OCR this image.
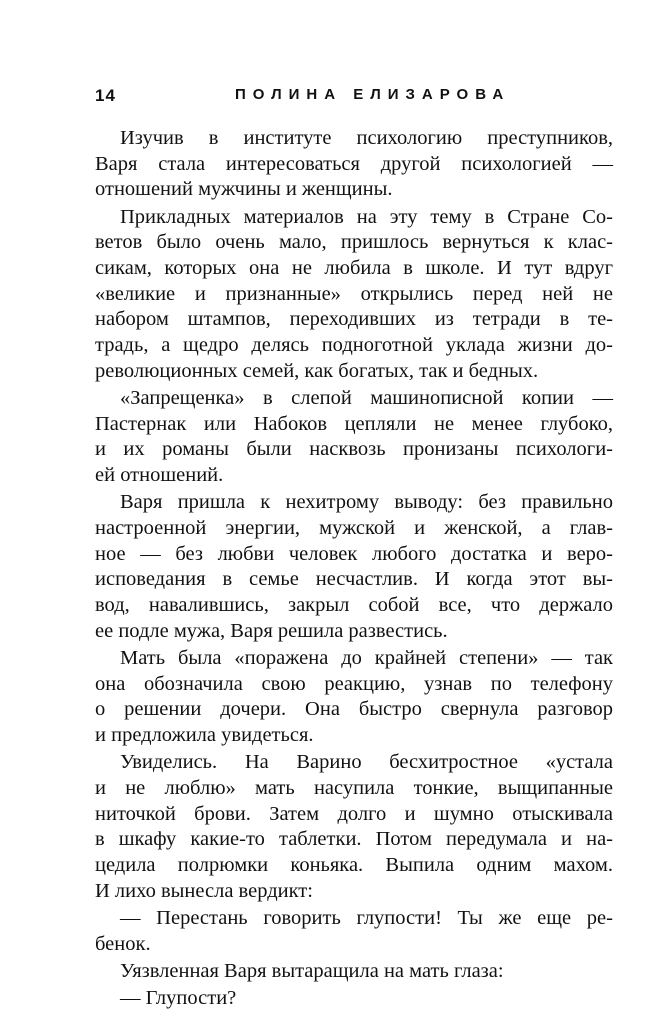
14	ПОЛИНА ЕЛИЗАРОВА
Изучив в институте психологию преступников,
Варя стала интересоваться другой психологией —
отношений мужчины и женщины.
Прикладных материалов на эту тему в Стране Со-
ветов было очень мало, пришлось вернуться к клас-
сикам, которых она не любила в школе. И тут вдруг
«великие и признанные» открылись перед ней не
набором штампов, переходивших из тетради в те-
традь, а щедро делясь подноготной уклада жизни до-
революционных семей, как богатых, так и бедных.
«Запрещенка» в слепой машинописной копии —
Пастернак или Набоков цепляли не менее глубоко,
и их романы были насквозь пронизаны психологи-
ей отношений.
Варя пришла к нехитрому выводу: без правильно
настроенной энергии, мужской и женской, а глав-
ное — без любви человек любого достатка и веро-
исповедания в семье несчастлив. И когда этот вы-
вод, навалившись, закрыл собой все, что держало
ее подле мужа, Варя решила развестись.
Мать была «поражена до крайней степени» — так
она обозначила свою реакцию, узнав по телефону
о решении дочери. Она быстро свернула разговор
и предложила увидеться.
Увиделись. На Варино бесхитростное «устала
и не люблю» мать насупила тонкие, выщипанные
ниточкой брови. Затем долго и шумно отыскивала
в шкафу какие-то таблетки. Потом передумала и на-
цедила полрюмки коньяка. Выпила одним махом.
И лихо вынесла вердикт:
— Перестань говорить глупости! Ты же еще ре-
бенок.
Уязвленная Варя вытаращила на мать глаза:
— Глупости?
